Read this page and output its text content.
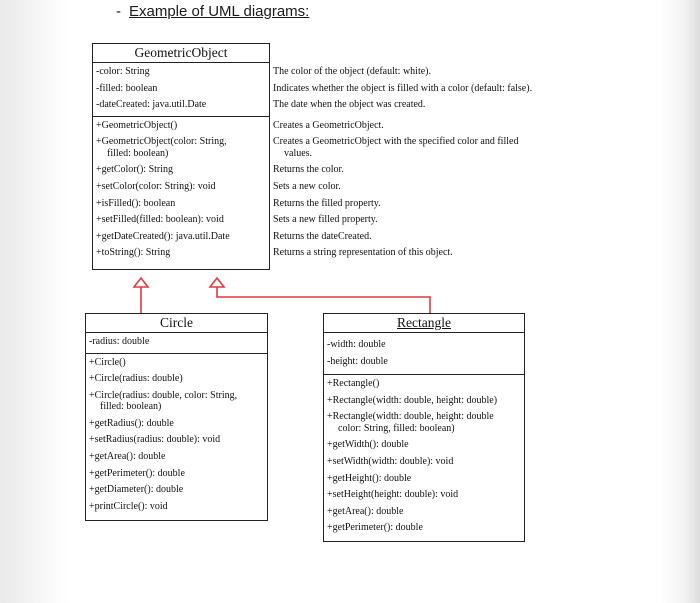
- Example of UML diagrams:
GeometricObject
-color: String
-filled: boolean
-dateCreated: java.util.Date
+GeometricObject()
+GeometricObject(color: String,
filled: boolean)
+getColor(): String
+setColor(color: String): void
+isFilled(): boolean
+setFilled(filled: boolean): void
+getDateCreated(): java.util.Date
+toString(): String
The color of the object (default: white).
Indicates whether the object is filled with a color (default: false).
The date when the object was created.
Creates a GeometricObject.
Creates a GeometricObject with the specified color and filled
values.
Returns the color.
Sets a new color.
Returns the filled property.
Sets a new filled property.
Returns the dateCreated.
Returns a string representation of this object.
Circle
-radius: double
+Circle()
+Circle(radius: double)
+Circle(radius: double, color: String,
filled: boolean)
+getRadius(): double
+setRadius(radius: double): void
+getArea(): double
+getPerimeter(): double
+getDiameter(): double
+printCircle(): void
Rectangle
-width: double
-height: double
+Rectangle()
+Rectangle(width: double, height: double)
+Rectangle(width: double, height: double
color: String, filled: boolean)
+getWidth(): double
+setWidth(width: double): void
+getHeight(): double
+setHeight(height: double): void
+getArea(): double
+getPerimeter(): double
